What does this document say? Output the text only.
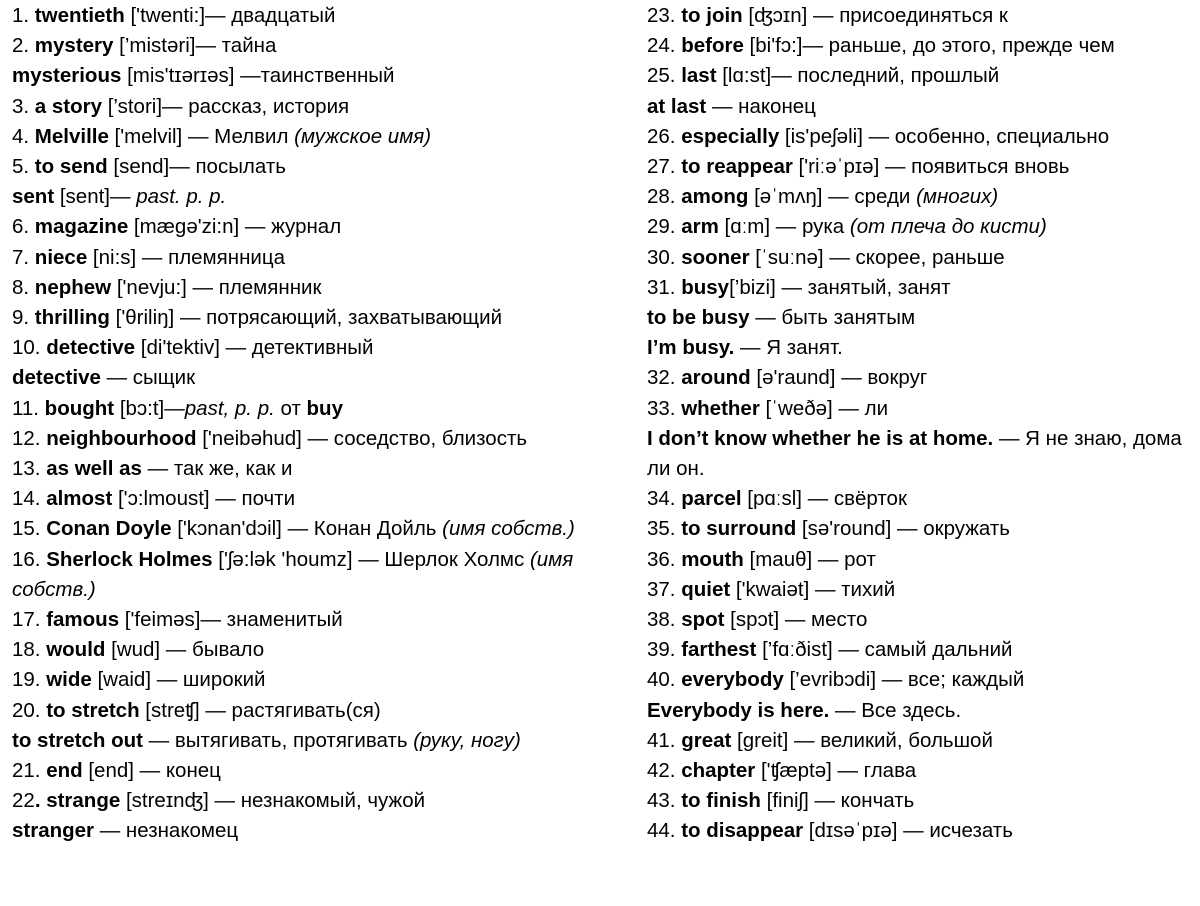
1. twentieth ['twenti:]— двадцатый
2. mystery [’mistəri]— тайна
mysterious [mis'tɪərɪəs] —таинственный
3. a story [’stori]— рассказ, история
4. Melville ['melvil] — Мелвил (мужское имя)
5. to send [send]— посылать
sent [sent]— past. p. p.
6. magazine [mægə'zi:n] — журнал
7. niece [ni:s] — племянница
8. nephew ['nevju:] — племянник
9. thrilling ['θriliŋ] — потрясающий, захватывающий
10. detective [di'tektiv] — детективный
detective — сыщик
11. bought [bɔ:t]—past, p. p. от buy
12. neighbourhood ['neibəhud] — соседство, близость
13. as well as — так же, как и
14. almost ['ɔ:lmoust] — почти
15. Conan Doyle ['kɔnan'dɔil] — Конан Дойль (имя собств.)
16. Sherlock Holmes ['ʃə:lək 'houmz] — Шерлок Холмс (имя собств.)
17. famous ['feiməs]— знаменитый
18. would [wud] — бывало
19. wide [waid] — широкий
20. to stretch [streʧ] — растягивать(ся)
to stretch out — вытягивать, протягивать (руку, ногу)
21. end [end] — конец
22. strange [streɪnʤ] — незнакомый, чужой
stranger — незнакомец
23. to join [ʤɔɪn] — присоединяться к
24. before [bi'fɔ:]— раньше, до этого, прежде чем
25. last [lɑ:st]— последний, прошлый
at last — наконец
26. especially [is'peʃəli] — особенно, специально
27. to reappear ['riːəˈpɪə] — появиться вновь
28. among [əˈmʌŋ] — среди (многих)
29. arm [ɑːm] — рука (от плеча до кисти)
30. sooner [ˈsuːnə] — скорее, раньше
31. busy[’bizi] — занятый, занят
to be busy — быть занятым
I’m busy. — Я занят.
32. around [ə'raund] — вокруг
33. whether [ˈweðə] — ли
I don’t know whether he is at home. — Я не знаю, дома ли он.
34. parcel [pɑːsl] — свёрток
35. to surround [sə'round] — окружать
36. mouth [mauθ] — рот
37. quiet ['kwaiət] — тихий
38. spot [spɔt] — место
39. farthest [’fɑːðist] — самый дальний
40. everybody [’evribɔdi] — все; каждый
Everybody is here. — Все здесь.
41. great [greit] — великий, большой
42. chapter ['ʧæptə] — глава
43. to finish [finiʃ] — кончать
44. to disappear [dɪsəˈpɪə] — исчезать
